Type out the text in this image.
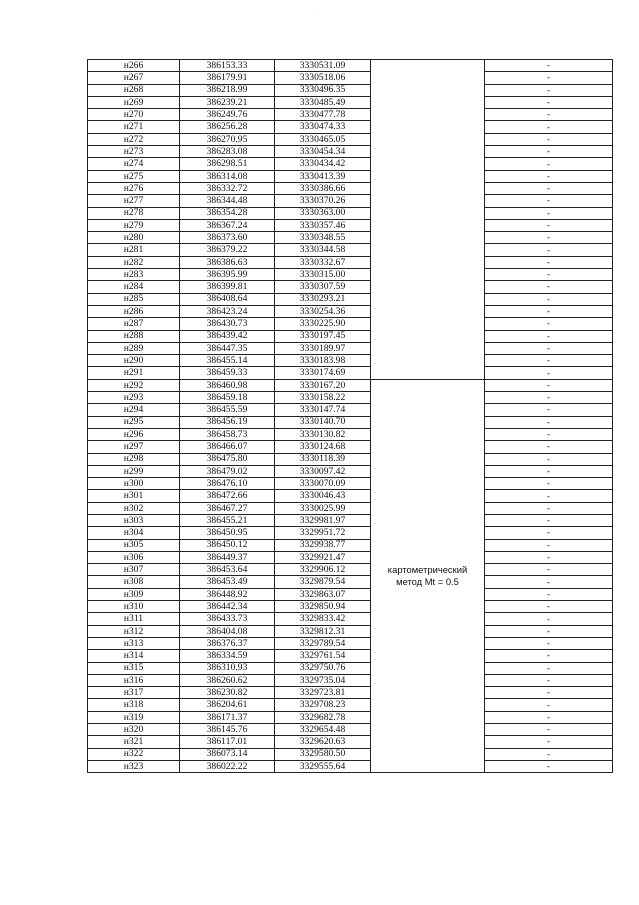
·
н266	386153.33	3330531.09		-
н267	386179.91	3330518.06		-
н268	386218.99	3330496.35		-
н269	386239.21	3330485.49		-
н270	386249.76	3330477.78		-
н271	386256.28	3330474.33		-
н272	386270.95	3330465.05		-
н273	386283.08	3330454.34		-
н274	386298.51	3330434.42		-
н275	386314.08	3330413.39		-
н276	386332.72	3330386.66		-
н277	386344.48	3330370.26		-
н278	386354.28	3330363.00		-
н279	386367.24	3330357.46		-
н280	386373.60	3330348.55		-
н281	386379.22	3330344.58		-
н282	386386.63	3330332.67		-
н283	386395.99	3330315.00		-
н284	386399.81	3330307.59		-
н285	386408.64	3330293.21		-
н286	386423.24	3330254.36		-
н287	386430.73	3330225.90		-
н288	386439.42	3330197.45		-
н289	386447.35	3330189.97		-
н290	386455.14	3330183.98		-
н291	386459.33	3330174.69		-
н292	386460.98	3330167.20	картометрический
метод Mt = 0.5	-
н293	386459.18	3330158.22		-
н294	386455.59	3330147.74		-
н295	386456.19	3330140.70		-
н296	386458.73	3330130.82		-
н297	386466.07	3330124.68		-
н298	386475.80	3330118.39		-
н299	386479.02	3330097.42		-
н300	386476.10	3330070.09		-
н301	386472.66	3330046.43		-
н302	386467.27	3330025.99		-
н303	386455.21	3329981.97		-
н304	386450.95	3329951.72		-
н305	386450.12	3329938.77		-
н306	386449.37	3329921.47		-
н307	386453.64	3329906.12		-
н308	386453.49	3329879.54		-
н309	386448.92	3329863.07		-
н310	386442.34	3329850.94		-
н311	386433.73	3329833.42		-
н312	386404.08	3329812.31		-
н313	386376.37	3329789.54		-
н314	386334.59	3329761.54		-
н315	386310.93	3329750.76		-
н316	386260.62	3329735.04		-
н317	386230.82	3329723.81		-
н318	386204.61	3329708.23		-
н319	386171.37	3329682.78		-
н320	386145.76	3329654.48		-
н321	386117.01	3329620.63		-
н322	386073.14	3329580.50		-
н323	386022.22	3329555.64		-
